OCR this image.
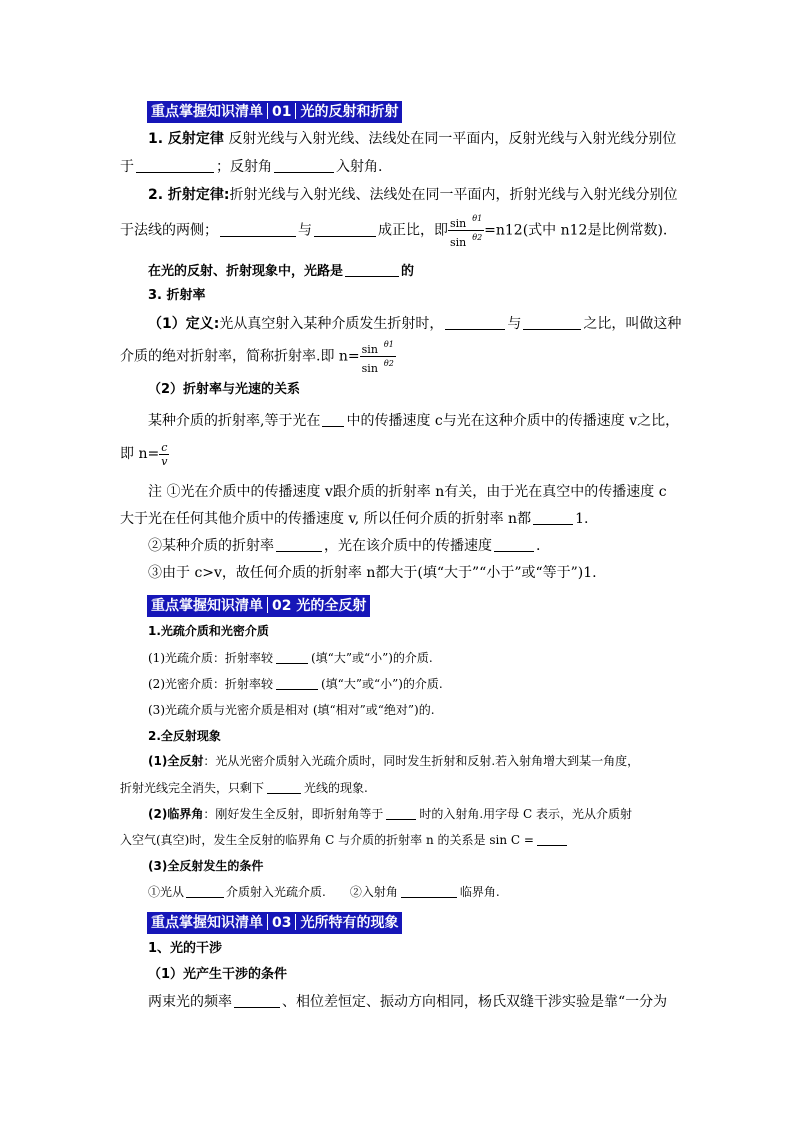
重点掌握知识清单 01 光的反射和折射
1. 反射定律 反射光线与入射光线、法线处在同一平面内，反射光线与入射光线分别位
于	；反射角	入射角.
2. 折射定律:折射光线与入射光线、法线处在同一平面内，折射光线与入射光线分别位
于法线的两侧；	与	成正比，即 $\frac{\sin ^{\theta 1}}{\sin ^{\theta 2}} =n12$(式中 n12是比例常数).
在光的反射、折射现象中，光路是	的
3. 折射率
（1）定义:光从真空射入某种介质发生折射时，	与	之比，叫做这种
介质的绝对折射率，简称折射率.即 $n= \frac{\sin ^{\theta 1}}{\sin ^{\theta 2}}$
（2）折射率与光速的关系
某种介质的折射率,等于光在 中的传播速度 c与光在这种介质中的传播速度 v之比，
即 $n= \frac{c}{v}$
注 ①光在介质中的传播速度 v跟介质的折射率 n有关，由于光在真空中的传播速度 c
大于光在任何其他介质中的传播速度 v, 所以任何介质的折射率 n都	1.
②某种介质的折射率	，光在该介质中的传播速度	.
③由于 c>v，故任何介质的折射率 n都大于(填“大于”“小于”或“等于”)1.
重点掌握知识清单 02 光的全反射
1.光疏介质和光密介质
(1)光疏介质：折射率较	(填“大”或“小”)的介质.
(2)光密介质：折射率较	(填“大”或“小”)的介质.
(3)光疏介质与光密介质是相对 (填“相对”或“绝对”)的.
2.全反射现象
(1)全反射：光从光密介质射入光疏介质时，同时发生折射和反射.若入射角增大到某一角度，
折射光线完全消失，只剩下	光线的现象.
(2)临界角：刚好发生全反射，即折射角等于	时的入射角.用字母 C 表示，光从介质射
入空气(真空)时，发生全反射的临界角 C 与介质的折射率 n 的关系是 sin C =
(3)全反射发生的条件
①光从	介质射入光疏介质. ②入射角	临界角.
重点掌握知识清单 03 光所特有的现象
1、光的干涉
（1）光产生干涉的条件
两束光的频率	、相位差恒定、振动方向相同，杨氏双缝干涉实验是靠“一分为
